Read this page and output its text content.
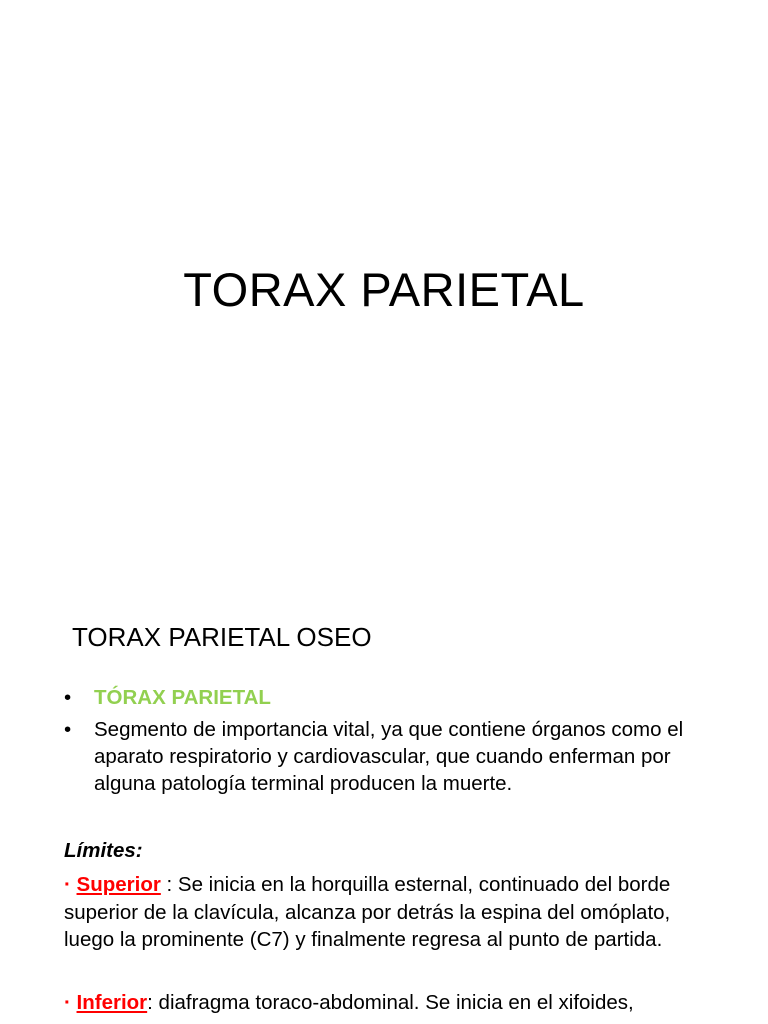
TORAX PARIETAL
TORAX PARIETAL OSEO
• TÓRAX PARIETAL
• Segmento de importancia vital, ya que contiene órganos como el aparato respiratorio y cardiovascular, que cuando enferman por alguna patología terminal producen la muerte.
Límites:
· Superior : Se inicia en la horquilla esternal, continuado del borde superior de la clavícula, alcanza por detrás la espina del omóplato, luego la prominente (C7) y finalmente regresa al punto de partida.
· Inferior: diafragma toraco-abdominal. Se inicia en el xifoides,
